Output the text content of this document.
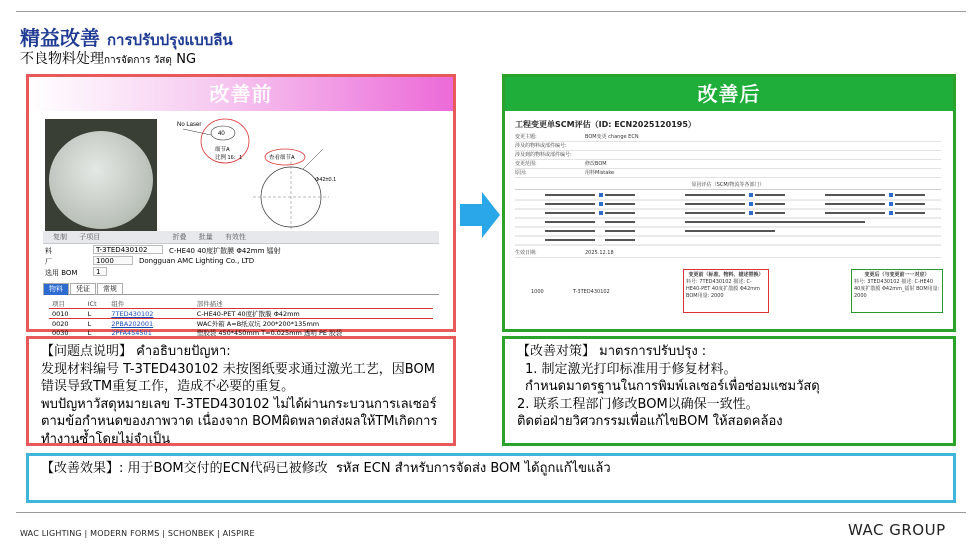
精益改善 การปรับปรุงแบบลีน
不良物料处理การจัดการ วัสดุ NG
改善前
No Laser
40
细节A
比例 16：1	查看细节A
Φ42±0.1
复制 子项目	折叠 批量 有效性
料	T-3TED430102	C-HE40 40度扩散膜 Φ42mm 镭射
厂	1000	Dongguan AMC Lighting Co., LTD
选用 BOM	1
物料 凭证 常规
项目	ICt	组件		部件描述
0010	L	7TED430102		C-HE40-PET 40度扩散膜 Φ42mm
0020	L	2PBA202001		WAC外箱 A=B纸双坑 200*200*135mm
0030	L	2PFA454501		塑胶袋 450*450mm T=0.025mm 透明 PE 胶袋
改善后
工程变更单SCM评估（ID: ECN2025120195）
变更主题:	BOM变更 change ECN
涉及的物料或部件编号:
涉及到的物料或部件编号:
变更范围:	修改BOM
原因:	用料Mistake
原因评估（SCM/物流等各部门）
生效日期:	2025.12.18
变更前（标准、物料、描述替换）
料号: 7TED430102 描述: C-HE40-PET 40度扩散膜 Φ42mm BOM用量: 2000
变更后（与变更前一一对应）
料号: 3TED430102 描述: C-HE40 40度扩散膜 Φ42mm_镭射 BOM用量: 2000
1000	T-3TED430102
【问题点说明】 คำอธิบายปัญหา:
发现材料编号 T-3TED430102 未按图纸要求通过激光工艺，因BOM
错误导致TM重复工作，造成不必要的重复。
พบปัญหาวัสดุหมายเลข T-3TED430102 ไม่ได้ผ่านกระบวนการเลเซอร์
ตามข้อกำหนดของภาพวาด เนื่องจาก BOMผิดพลาดส่งผลให้TMเกิดการ
ทำงานซ้ำโดยไม่จำเป็น
【改善对策】 มาตรการปรับปรุง :
1. 制定激光打印标准用于修复材料。
กำหนดมาตรฐานในการพิมพ์เลเซอร์เพื่อซ่อมแซมวัสดุ
2. 联系工程部门修改BOM以确保一致性。
ติดต่อฝ่ายวิศวกรรมเพื่อแก้ไขBOM ให้สอดคล้อง
【改善效果】: 用于BOM交付的ECN代码已被修改 รหัส ECN สำหรับการจัดส่ง BOM ได้ถูกแก้ไขแล้ว
WAC LIGHTING | MODERN FORMS | SCHONBEK | AISPIRE	WAC GROUP
